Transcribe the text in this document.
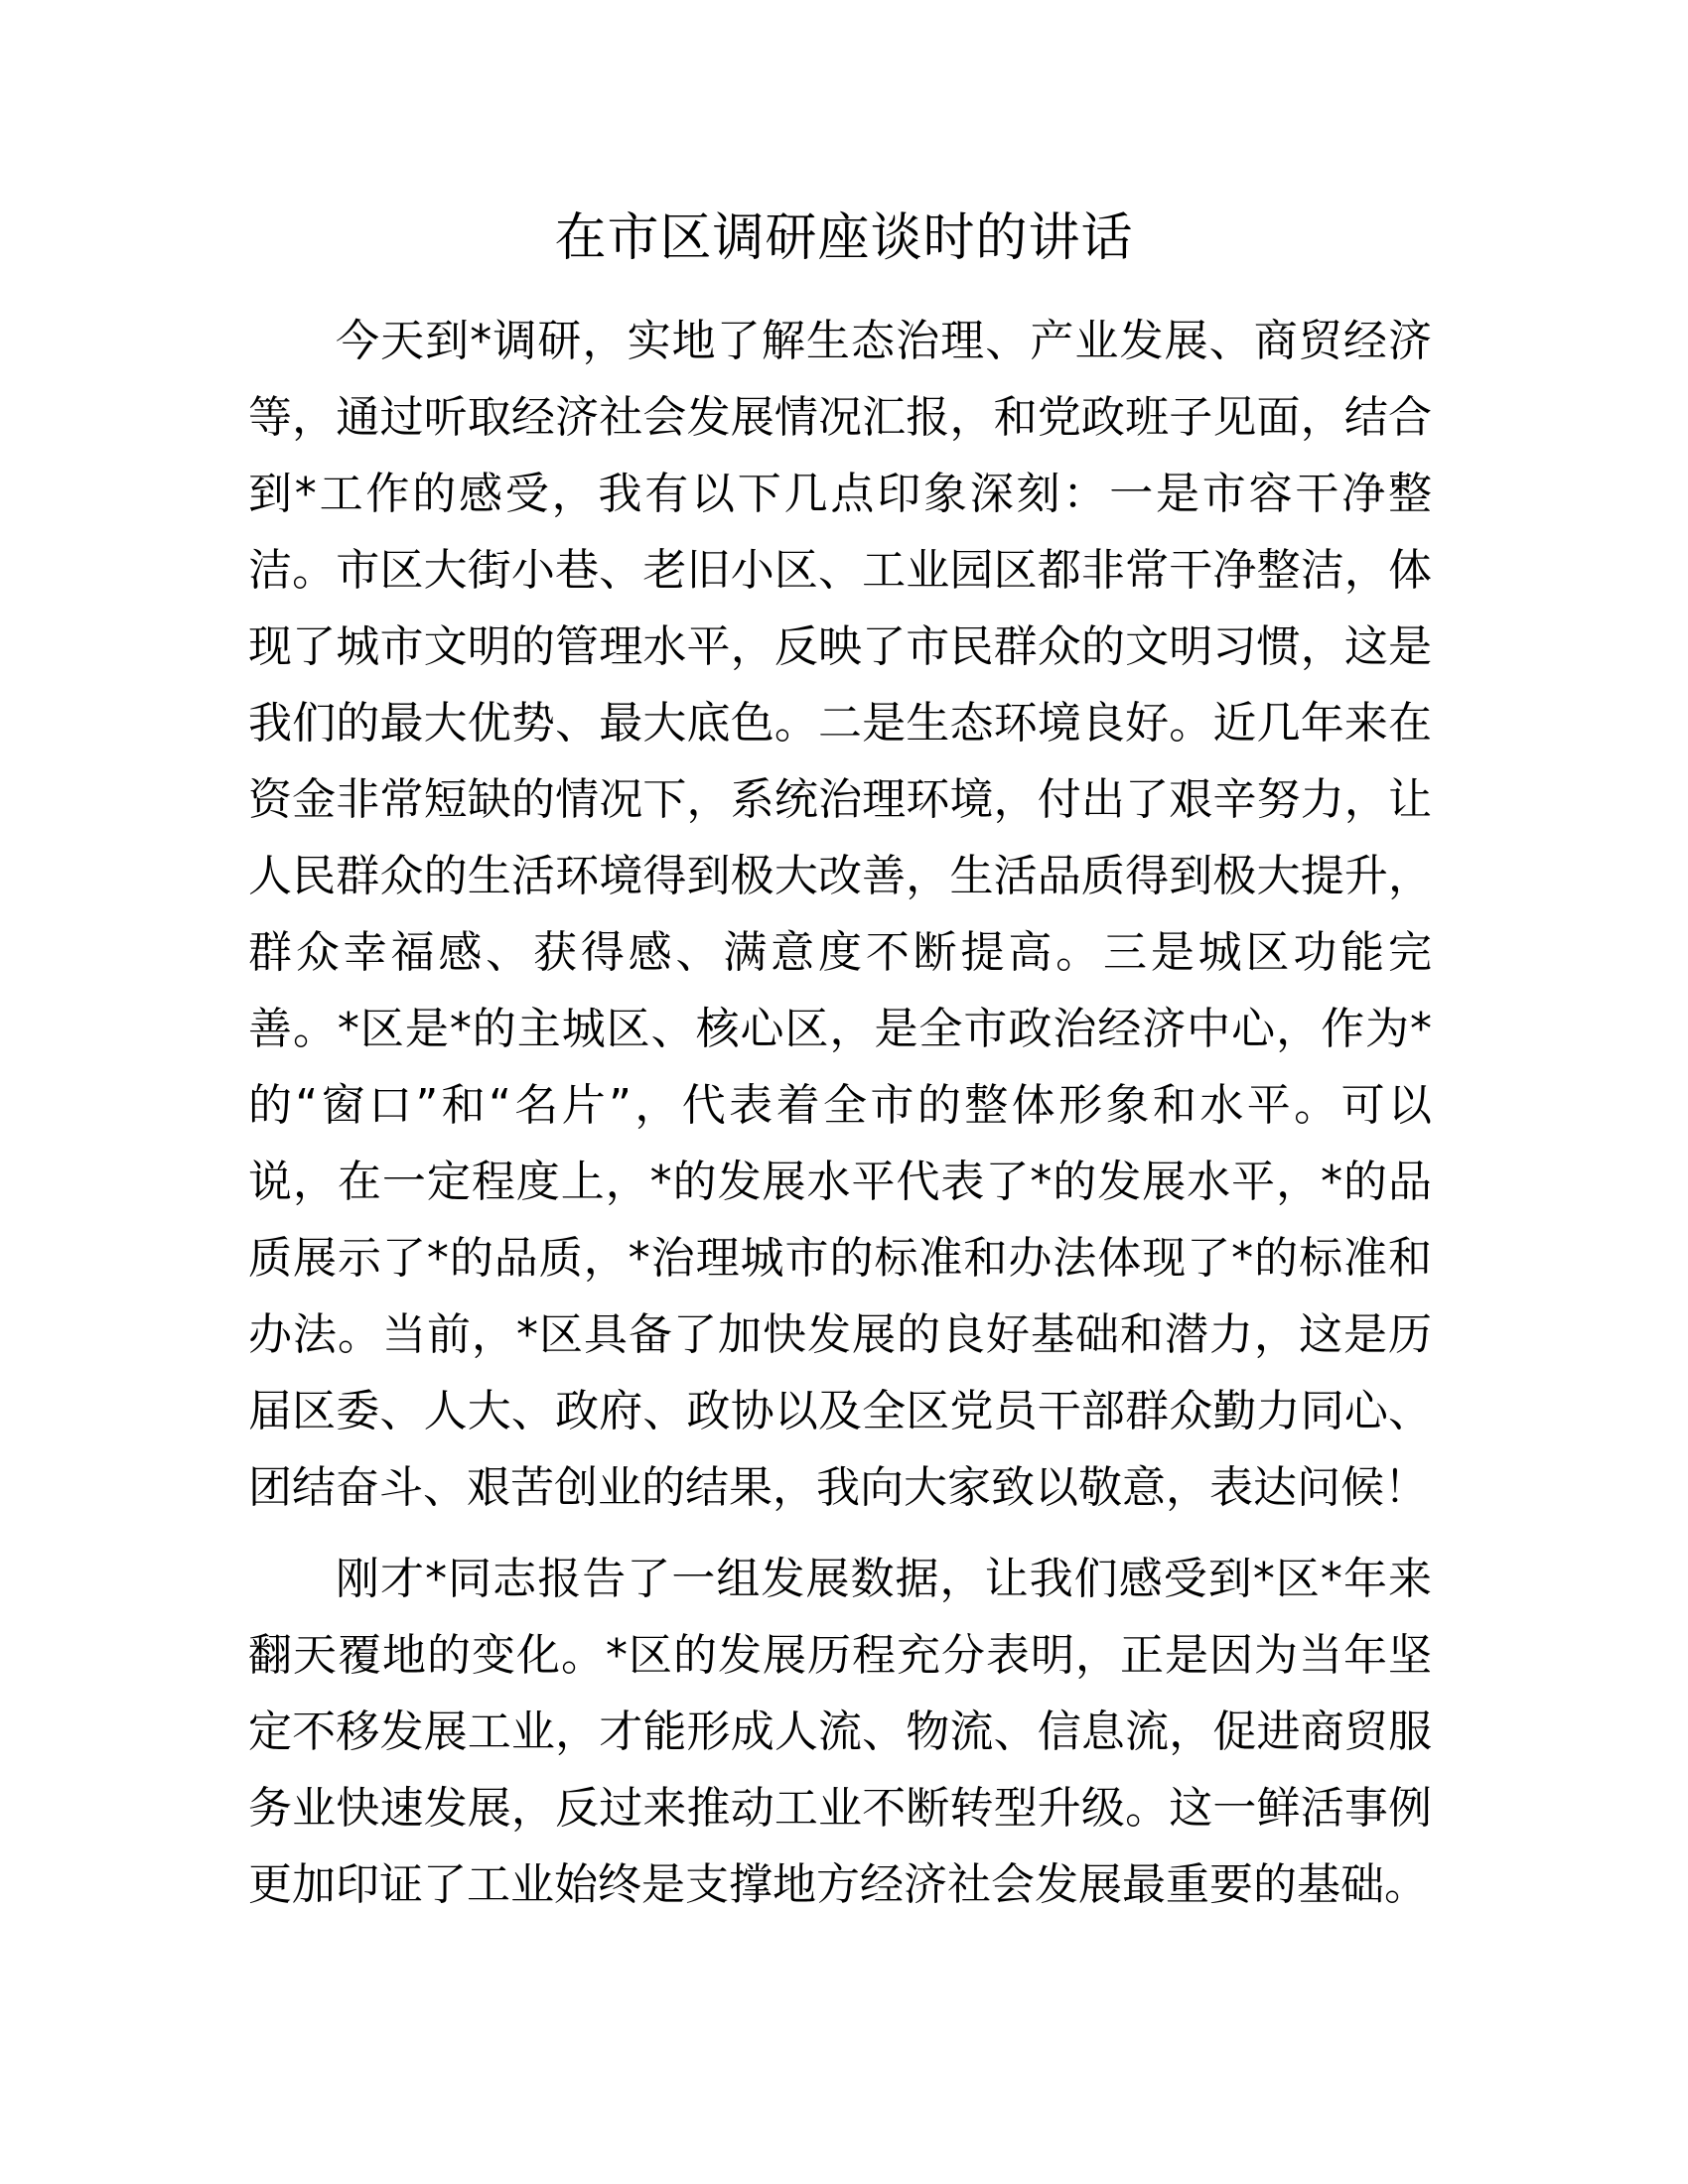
在市区调研座谈时的讲话
今天到*调研，实地了解生态治理、产业发展、商贸经济
等，通过听取经济社会发展情况汇报，和党政班子见面，结合
到*工作的感受，我有以下几点印象深刻：一是市容干净整
洁。市区大街小巷、老旧小区、工业园区都非常干净整洁，体
现了城市文明的管理水平，反映了市民群众的文明习惯，这是
我们的最大优势、最大底色。二是生态环境良好。近几年来在
资金非常短缺的情况下，系统治理环境，付出了艰辛努力，让
人民群众的生活环境得到极大改善，生活品质得到极大提升，
群众幸福感、获得感、满意度不断提高。三是城区功能完
善。*区是*的主城区、核心区，是全市政治经济中心，作为*
的“窗口”和“名片”，代表着全市的整体形象和水平。可以
说，在一定程度上，*的发展水平代表了*的发展水平，*的品
质展示了*的品质，*治理城市的标准和办法体现了*的标准和
办法。当前，*区具备了加快发展的良好基础和潜力，这是历
届区委、人大、政府、政协以及全区党员干部群众勤力同心、
团结奋斗、艰苦创业的结果，我向大家致以敬意，表达问候！
刚才*同志报告了一组发展数据，让我们感受到*区*年来
翻天覆地的变化。*区的发展历程充分表明，正是因为当年坚
定不移发展工业，才能形成人流、物流、信息流，促进商贸服
务业快速发展，反过来推动工业不断转型升级。这一鲜活事例
更加印证了工业始终是支撑地方经济社会发展最重要的基础。
